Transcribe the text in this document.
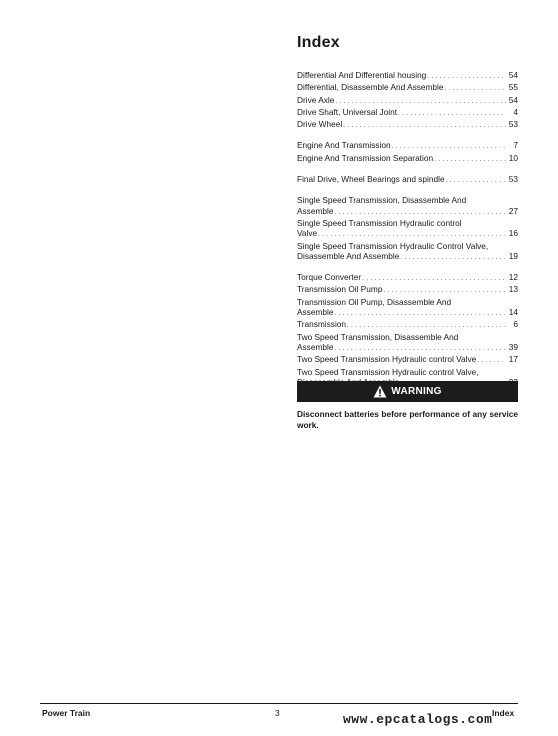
Index
Differential And Differential housing . . .	54
Differential, Disassemble And Assemble . . .	55
Drive Axle . . .	54
Drive Shaft, Universal Joint . . .	4
Drive Wheel . . .	53
Engine And Transmission . . .	7
Engine And Transmission Separation . . .	10
Final Drive, Wheel Bearings and spindle . . .	53
Single Speed Transmission, Disassemble And
Assemble . . .	27
Single Speed Transmission Hydraulic control
Valve . . .	16
Single Speed Transmission Hydraulic Control Valve,
Disassemble And Assemble . . .	19
Torque Converter . . .	12
Transmission Oil Pump . . .	13
Transmission Oil Pump, Disassemble And
Assemble . . .	14
Transmission . . .	6
Two Speed Transmission, Disassemble And
Assemble . . .	39
Two Speed Transmission Hydraulic control Valve . . .	17
Two Speed Transmission Hydraulic control Valve,
. . .
WARNING
Disconnect batteries before performance of any service work.
Power Train	3	Index
www.epcatalogs.com
